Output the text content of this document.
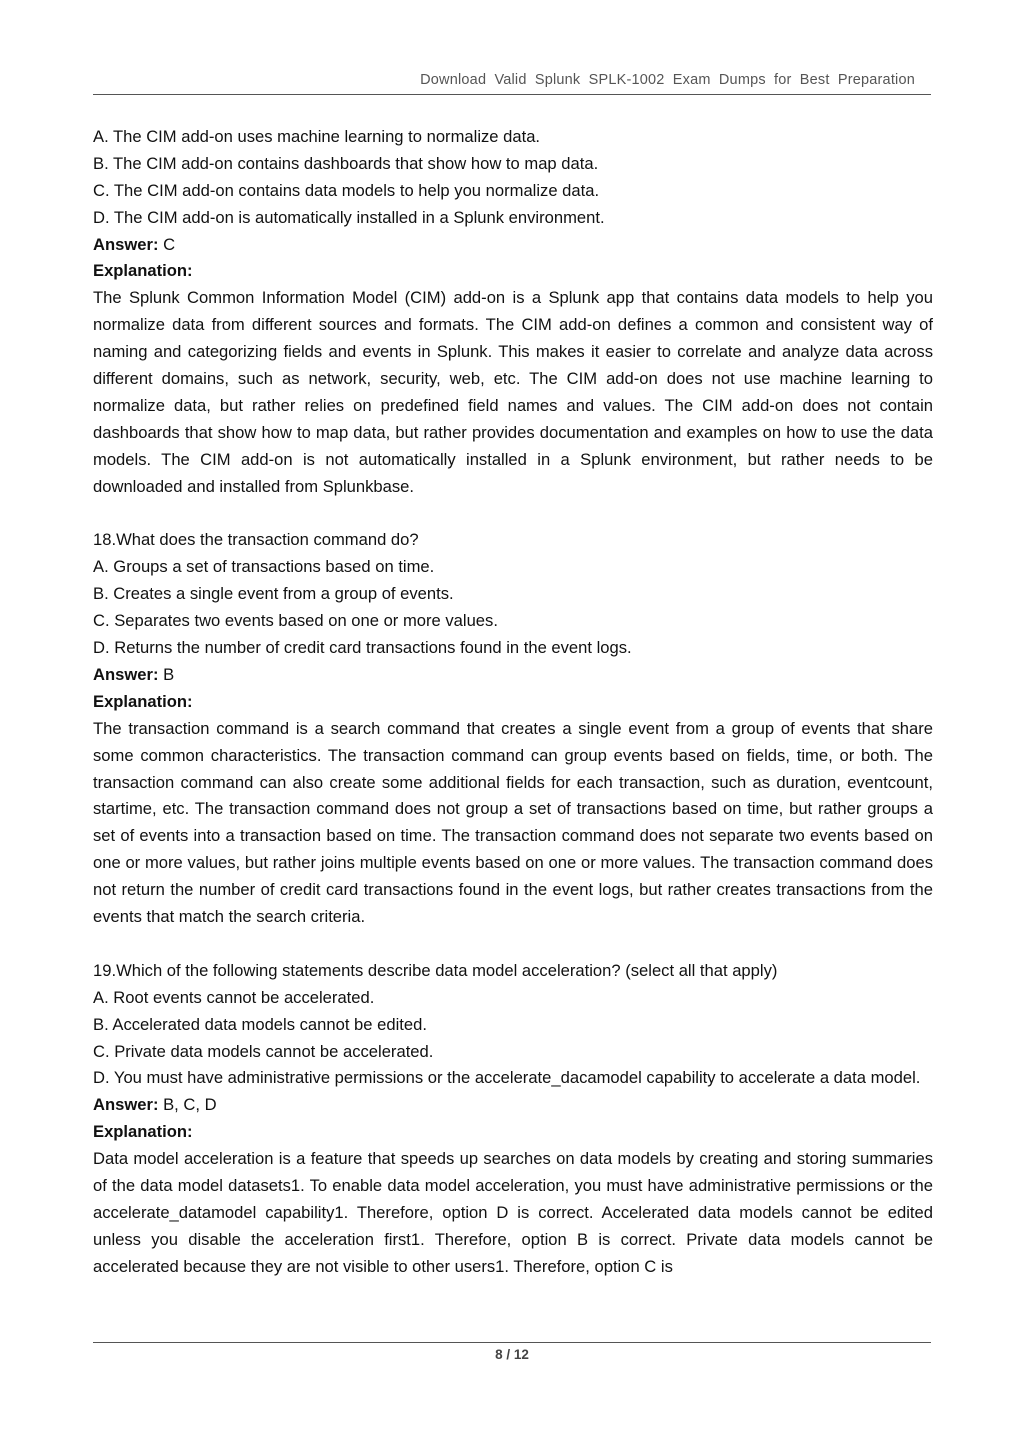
Download Valid Splunk SPLK-1002 Exam Dumps for Best Preparation
A. The CIM add-on uses machine learning to normalize data.
B. The CIM add-on contains dashboards that show how to map data.
C. The CIM add-on contains data models to help you normalize data.
D. The CIM add-on is automatically installed in a Splunk environment.
Answer: C
Explanation:
The Splunk Common Information Model (CIM) add-on is a Splunk app that contains data models to help you normalize data from different sources and formats. The CIM add-on defines a common and consistent way of naming and categorizing fields and events in Splunk. This makes it easier to correlate and analyze data across different domains, such as network, security, web, etc. The CIM add-on does not use machine learning to normalize data, but rather relies on predefined field names and values. The CIM add-on does not contain dashboards that show how to map data, but rather provides documentation and examples on how to use the data models. The CIM add-on is not automatically installed in a Splunk environment, but rather needs to be downloaded and installed from Splunkbase.
18.What does the transaction command do?
A. Groups a set of transactions based on time.
B. Creates a single event from a group of events.
C. Separates two events based on one or more values.
D. Returns the number of credit card transactions found in the event logs.
Answer: B
Explanation:
The transaction command is a search command that creates a single event from a group of events that share some common characteristics. The transaction command can group events based on fields, time, or both. The transaction command can also create some additional fields for each transaction, such as duration, eventcount, startime, etc. The transaction command does not group a set of transactions based on time, but rather groups a set of events into a transaction based on time. The transaction command does not separate two events based on one or more values, but rather joins multiple events based on one or more values. The transaction command does not return the number of credit card transactions found in the event logs, but rather creates transactions from the events that match the search criteria.
19.Which of the following statements describe data model acceleration? (select all that apply)
A. Root events cannot be accelerated.
B. Accelerated data models cannot be edited.
C. Private data models cannot be accelerated.
D. You must have administrative permissions or the accelerate_dacamodel capability to accelerate a data model.
Answer: B, C, D
Explanation:
Data model acceleration is a feature that speeds up searches on data models by creating and storing summaries of the data model datasets1. To enable data model acceleration, you must have administrative permissions or the accelerate_datamodel capability1. Therefore, option D is correct. Accelerated data models cannot be edited unless you disable the acceleration first1. Therefore, option B is correct. Private data models cannot be accelerated because they are not visible to other users1. Therefore, option C is
8 / 12
